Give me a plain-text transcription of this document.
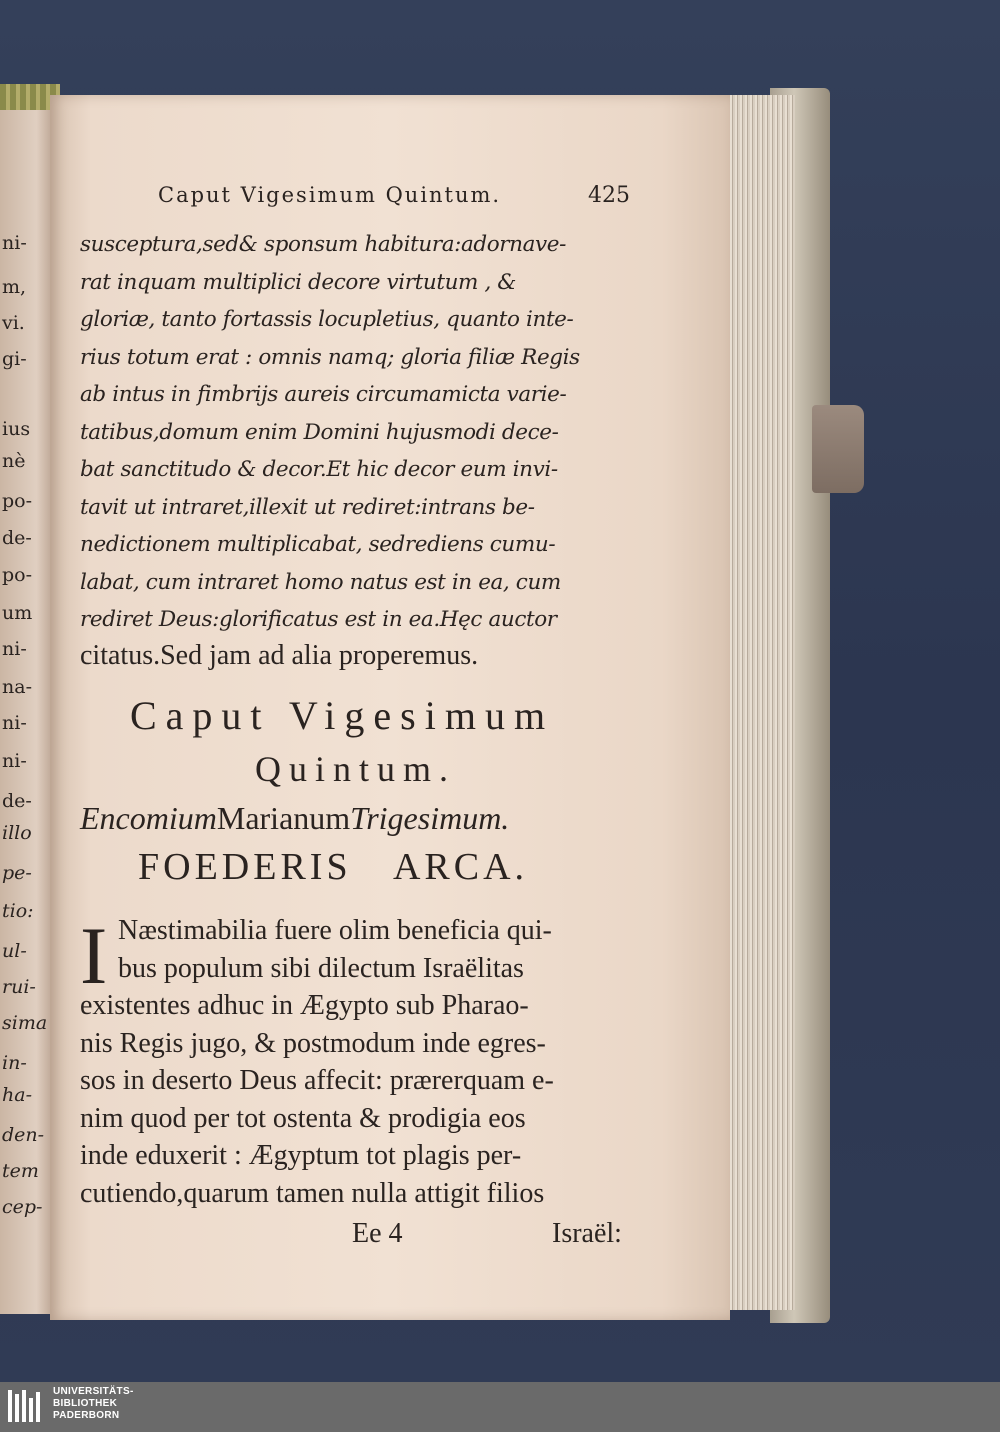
ni-
m,
vi.
gi-
ius
nè
po-
de-
po-
um
ni-
na-
ni-
ni-
de-
illo
pe-
tio:
ul-
rui-
sima
in-
ha-
den-
tem
cep-
Caput Vigesimum Quintum.	425
susceptura,sed& sponsum habitura:adornave-
rat inquam multiplici decore virtutum , &
gloriæ, tanto fortassis locupletius, quanto inte-
rius totum erat : omnis namq; gloria filiæ Regis
ab intus in fimbrijs aureis circumamicta varie-
tatibus,domum enim Domini hujusmodi dece-
bat sanctitudo & decor.Et hic decor eum invi-
tavit ut intraret,illexit ut rediret:intrans be-
nedictionem multiplicabat, sedrediens cumu-
labat, cum intraret homo natus est in ea, cum
rediret Deus:glorificatus est in ea.Hęc auctor
citatus.Sed jam ad alia properemus.
Caput Vigesimum
Quintum.
EncomiumMarianumTrigesimum.
FOEDERIS ARCA.
I Næstimabilia fuere olim beneficia qui-
bus populum sibi dilectum Israëlitas
existentes adhuc in Ægypto sub Pharao-
nis Regis jugo, & postmodum inde egres-
sos in deserto Deus affecit: prærerquam e-
nim quod per tot ostenta & prodigia eos
inde eduxerit : Ægyptum tot plagis per-
cutiendo,quarum tamen nulla attigit filios
Ee 4	Israël:
UNIVERSITÄTS-
BIBLIOTHEK
PADERBORN
